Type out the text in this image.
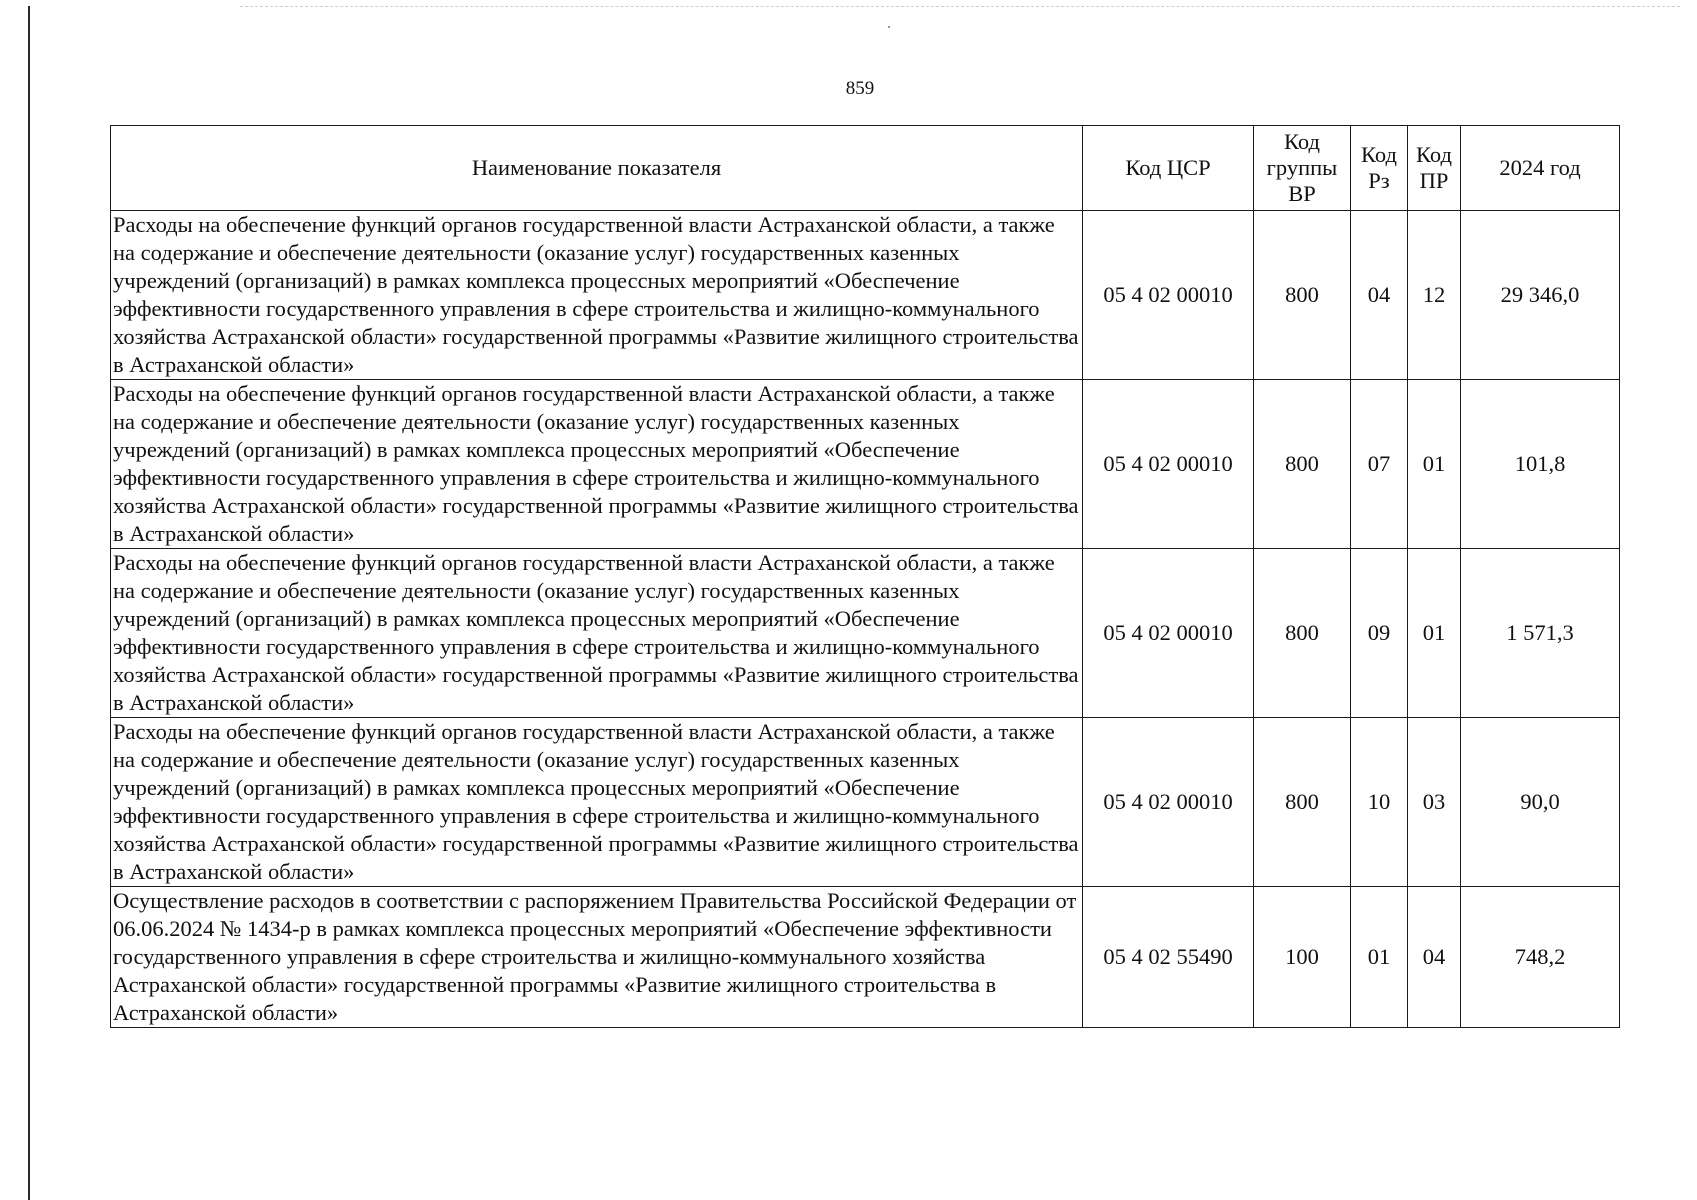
859
Наименование показателя	Код ЦСР	Код группы ВР	Код Рз	Код ПР	2024 год
Расходы на обеспечение функций органов государственной власти Астраханской области, а также на содержание и обеспечение деятельности (оказание услуг) государственных казенных учреждений (организаций) в рамках комплекса процессных мероприятий «Обеспечение эффективности государственного управления в сфере строительства и жилищно-коммунального хозяйства Астраханской области» государственной программы «Развитие жилищного строительства в Астраханской области»	05 4 02 00010	800	04	12	29 346,0
Расходы на обеспечение функций органов государственной власти Астраханской области, а также на содержание и обеспечение деятельности (оказание услуг) государственных казенных учреждений (организаций) в рамках комплекса процессных мероприятий «Обеспечение эффективности государственного управления в сфере строительства и жилищно-коммунального хозяйства Астраханской области» государственной программы «Развитие жилищного строительства в Астраханской области»	05 4 02 00010	800	07	01	101,8
Расходы на обеспечение функций органов государственной власти Астраханской области, а также на содержание и обеспечение деятельности (оказание услуг) государственных казенных учреждений (организаций) в рамках комплекса процессных мероприятий «Обеспечение эффективности государственного управления в сфере строительства и жилищно-коммунального хозяйства Астраханской области» государственной программы «Развитие жилищного строительства в Астраханской области»	05 4 02 00010	800	09	01	1 571,3
Расходы на обеспечение функций органов государственной власти Астраханской области, а также на содержание и обеспечение деятельности (оказание услуг) государственных казенных учреждений (организаций) в рамках комплекса процессных мероприятий «Обеспечение эффективности государственного управления в сфере строительства и жилищно-коммунального хозяйства Астраханской области» государственной программы «Развитие жилищного строительства в Астраханской области»	05 4 02 00010	800	10	03	90,0
Осуществление расходов в соответствии с распоряжением Правительства Российской Федерации от 06.06.2024 № 1434-р в рамках комплекса процессных мероприятий «Обеспечение эффективности государственного управления в сфере строительства и жилищно-коммунального хозяйства Астраханской области» государственной программы «Развитие жилищного строительства в Астраханской области»	05 4 02 55490	100	01	04	748,2
